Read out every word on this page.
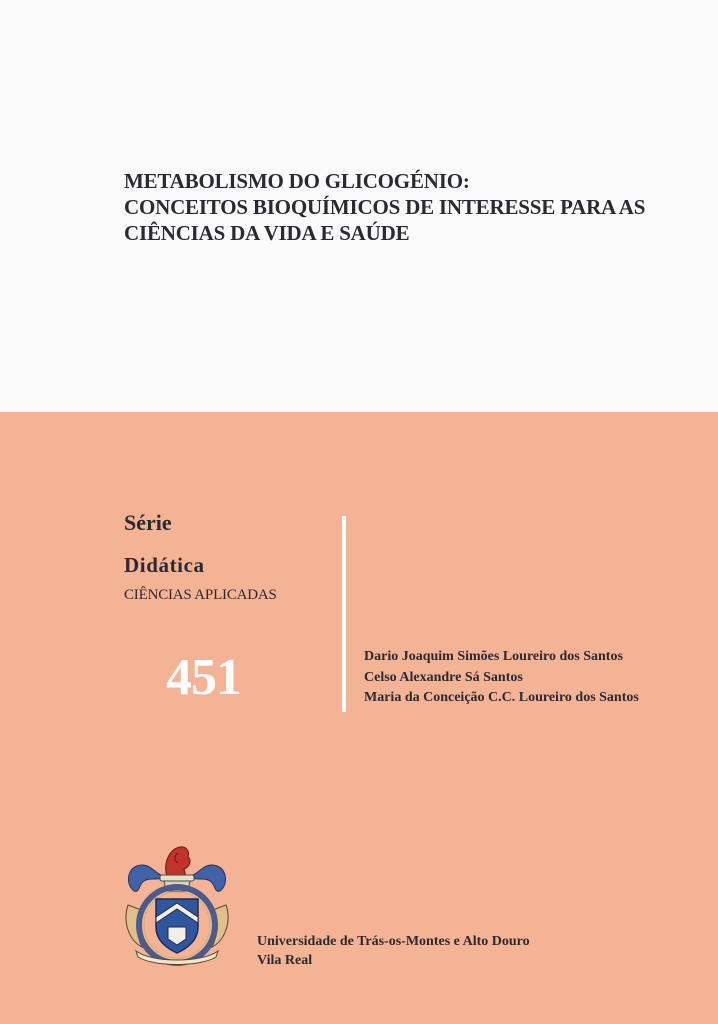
METABOLISMO DO GLICOGÉNIO:
CONCEITOS BIOQUÍMICOS DE INTERESSE PARA AS
CIÊNCIAS DA VIDA E SAÚDE
Série
Didática
CIÊNCIAS APLICADAS
451	Dario Joaquim Simões Loureiro dos Santos
Celso Alexandre Sá Santos
Maria da Conceição C.C. Loureiro dos Santos
Universidade de Trás-os-Montes e Alto Douro
Vila Real
